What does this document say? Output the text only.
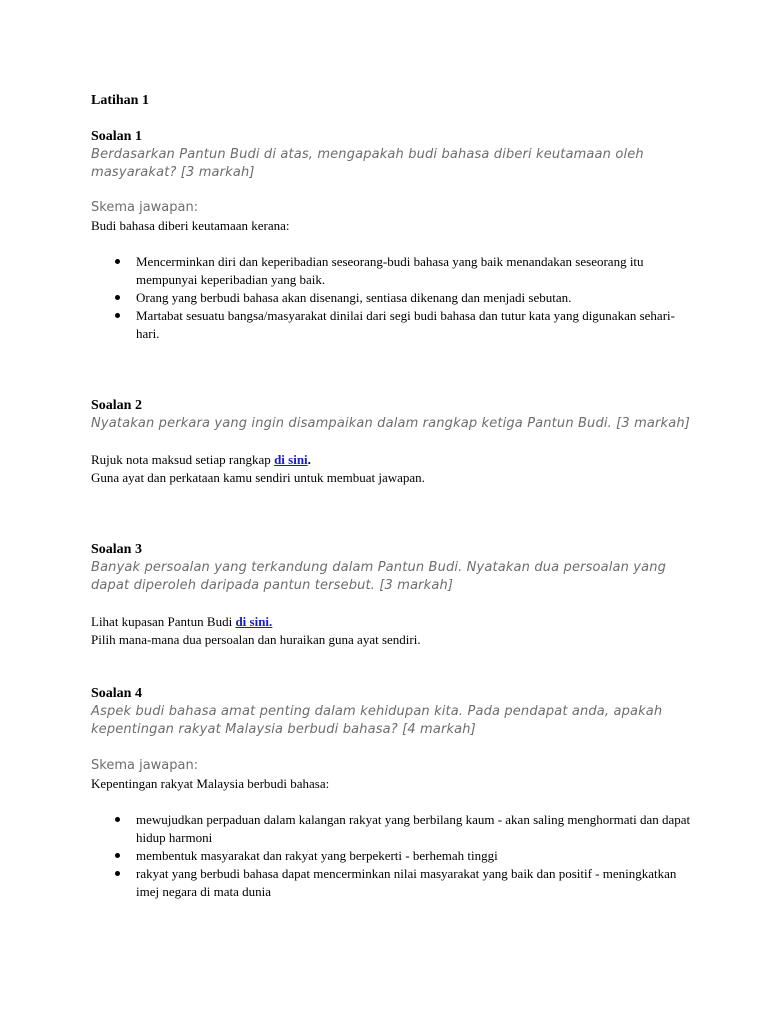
Latihan 1

Soalan 1

Berdasarkan Pantun Budi di atas, mengapakah budi bahasa diberi keutamaan oleh masyarakat? [3 markah]

Skema jawapan:

Budi bahasa diberi keutamaan kerana:

Mencerminkan diri dan keperibadian seseorang-budi bahasa yang baik menandakan seseorang itu mempunyai keperibadian yang baik.
Orang yang berbudi bahasa akan disenangi, sentiasa dikenang dan menjadi sebutan.
Martabat sesuatu bangsa/masyarakat dinilai dari segi budi bahasa dan tutur kata yang digunakan sehari-hari.

Soalan 2

Nyatakan perkara yang ingin disampaikan dalam rangkap ketiga Pantun Budi. [3 markah]

Rujuk nota maksud setiap rangkap di sini.

Guna ayat dan perkataan kamu sendiri untuk membuat jawapan.

Soalan 3

Banyak persoalan yang terkandung dalam Pantun Budi. Nyatakan dua persoalan yang dapat diperoleh daripada pantun tersebut. [3 markah]

Lihat kupasan Pantun Budi di sini.

Pilih mana-mana dua persoalan dan huraikan guna ayat sendiri.

Soalan 4

Aspek budi bahasa amat penting dalam kehidupan kita. Pada pendapat anda, apakah kepentingan rakyat Malaysia berbudi bahasa? [4 markah]

Skema jawapan:

Kepentingan rakyat Malaysia berbudi bahasa:

mewujudkan perpaduan dalam kalangan rakyat yang berbilang kaum - akan saling menghormati dan dapat hidup harmoni
membentuk masyarakat dan rakyat yang berpekerti - berhemah tinggi
rakyat yang berbudi bahasa dapat mencerminkan nilai masyarakat yang baik dan positif - meningkatkan imej negara di mata dunia
